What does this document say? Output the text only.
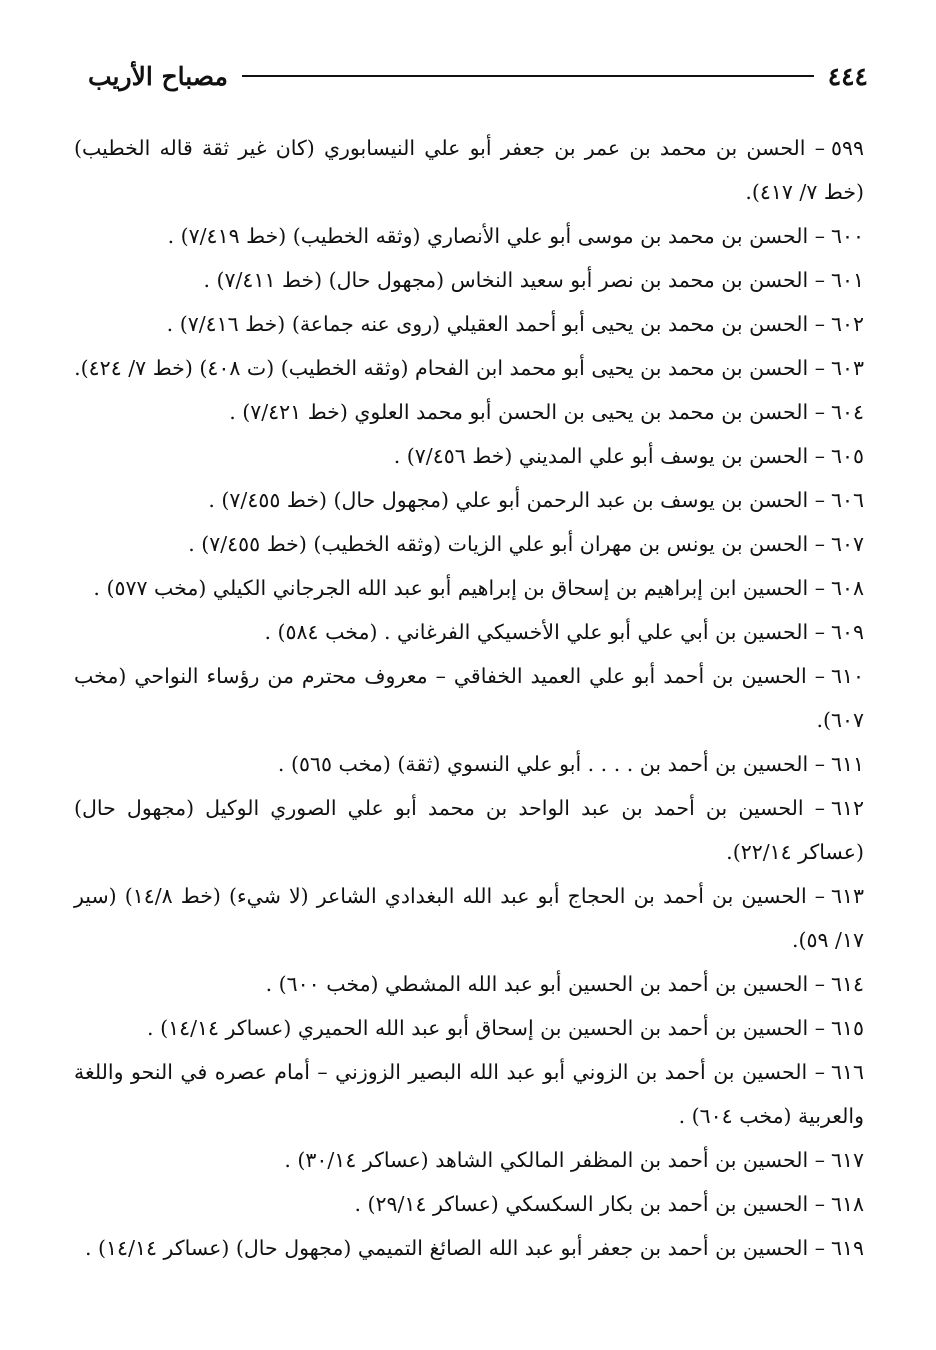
٤٤٤
مصباح الأريب
٥٩٩– الحسن بن محمد بن عمر بن جعفر أبو علي النيسابوري (كان غير ثقة قاله الخطيب) (خط ٧/ ٤١٧).
٦٠٠– الحسن بن محمد بن موسى أبو علي الأنصاري (وثقه الخطيب) (خط ٧/٤١٩) .
٦٠١– الحسن بن محمد بن نصر أبو سعيد النخاس (مجهول حال) (خط ٧/٤١١) .
٦٠٢– الحسن بن محمد بن يحيى أبو أحمد العقيلي (روى عنه جماعة) (خط ٧/٤١٦) .
٦٠٣– الحسن بن محمد بن يحيى أبو محمد ابن الفحام (وثقه الخطيب) (ت ٤٠٨) (خط ٧/ ٤٢٤).
٦٠٤– الحسن بن محمد بن يحيى بن الحسن أبو محمد العلوي (خط ٧/٤٢١) .
٦٠٥– الحسن بن يوسف أبو علي المديني (خط ٧/٤٥٦) .
٦٠٦– الحسن بن يوسف بن عبد الرحمن أبو علي (مجهول حال) (خط ٧/٤٥٥) .
٦٠٧– الحسن بن يونس بن مهران أبو علي الزيات (وثقه الخطيب) (خط ٧/٤٥٥) .
٦٠٨– الحسين ابن إبراهيم بن إسحاق بن إبراهيم أبو عبد الله الجرجاني الكيلي (مخب ٥٧٧) .
٦٠٩– الحسين بن أبي علي أبو علي الأخسيكي الفرغاني . (مخب ٥٨٤) .
٦١٠– الحسين بن أحمد أبو علي العميد الخفاقي – معروف محترم من رؤساء النواحي (مخب ٦٠٧).
٦١١– الحسين بن أحمد بن . . . . أبو علي النسوي (ثقة) (مخب ٥٦٥) .
٦١٢– الحسين بن أحمد بن عبد الواحد بن محمد أبو علي الصوري الوكيل (مجهول حال) (عساكر ٢٢/١٤).
٦١٣– الحسين بن أحمد بن الحجاج أبو عبد الله البغدادي الشاعر (لا شيء) (خط ١٤/٨) (سير ١٧/ ٥٩).
٦١٤– الحسين بن أحمد بن الحسين أبو عبد الله المشطي (مخب ٦٠٠) .
٦١٥– الحسين بن أحمد بن الحسين بن إسحاق أبو عبد الله الحميري (عساكر ١٤/١٤) .
٦١٦– الحسين بن أحمد بن الزوني أبو عبد الله البصير الزوزني – أمام عصره في النحو واللغة والعربية (مخب ٦٠٤) .
٦١٧– الحسين بن أحمد بن المظفر المالكي الشاهد (عساكر ٣٠/١٤) .
٦١٨– الحسين بن أحمد بن بكار السكسكي (عساكر ٢٩/١٤) .
٦١٩– الحسين بن أحمد بن جعفر أبو عبد الله الصائغ التميمي (مجهول حال) (عساكر ١٤/١٤) .
